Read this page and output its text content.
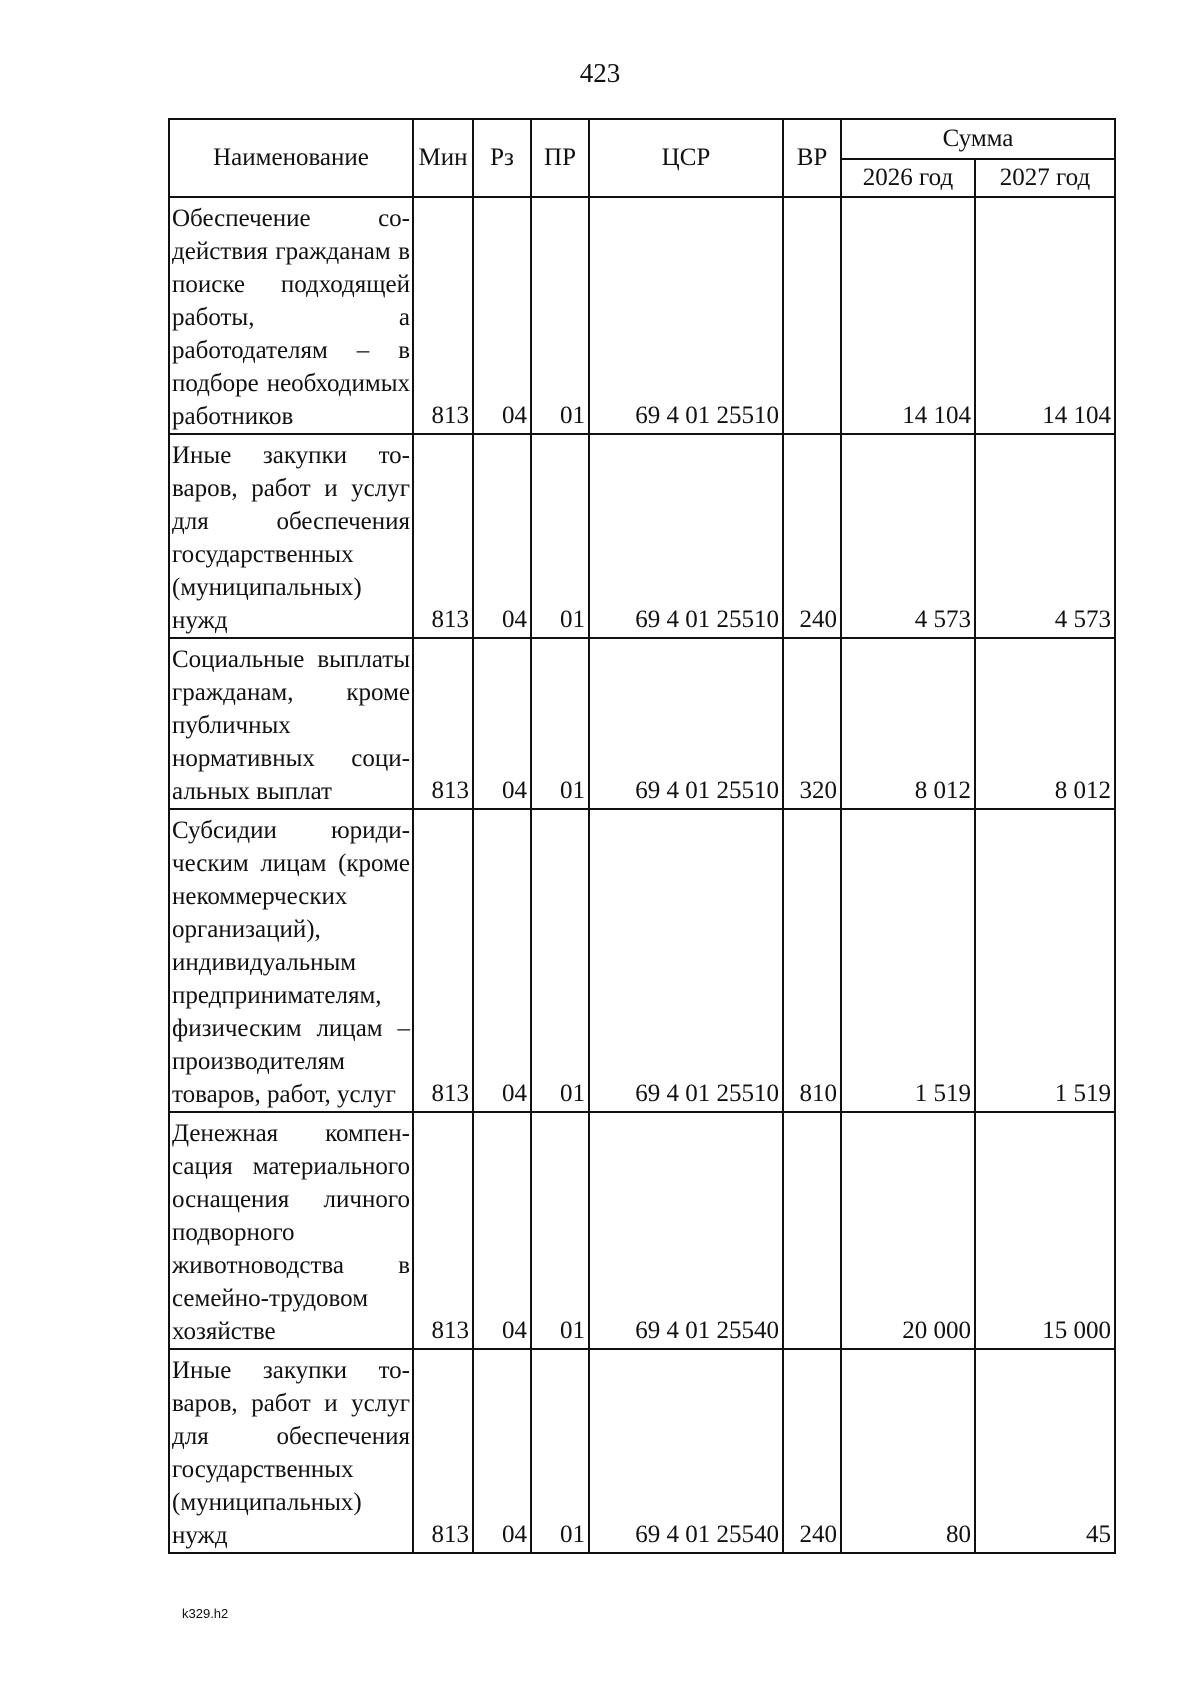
423
Наименование	Мин	Рз	ПР	ЦСР	ВР	Сумма	
						2026 год	2027 год
Обеспечение содействия гражданам в поиске подходящей работы, а работодателям – в подборе необходимых работников	813	04	01	69 4 01 25510		14 104	14 104
Иные закупки товаров, работ и услуг для обеспечения государственных (муниципальных) нужд	813	04	01	69 4 01 25510	240	4 573	4 573
Социальные выплаты гражданам, кроме публичных нормативных социальных выплат	813	04	01	69 4 01 25510	320	8 012	8 012
Субсидии юридическим лицам (кроме некоммерческих организаций), индивидуальным предпринимателям, физическим лицам – производителям товаров, работ, услуг	813	04	01	69 4 01 25510	810	1 519	1 519
Денежная компенсация материального оснащения личного подворного животноводства в семейно-трудовом хозяйстве	813	04	01	69 4 01 25540		20 000	15 000
Иные закупки товаров, работ и услуг для обеспечения государственных (муниципальных) нужд	813	04	01	69 4 01 25540	240	80	45
k329.h2
